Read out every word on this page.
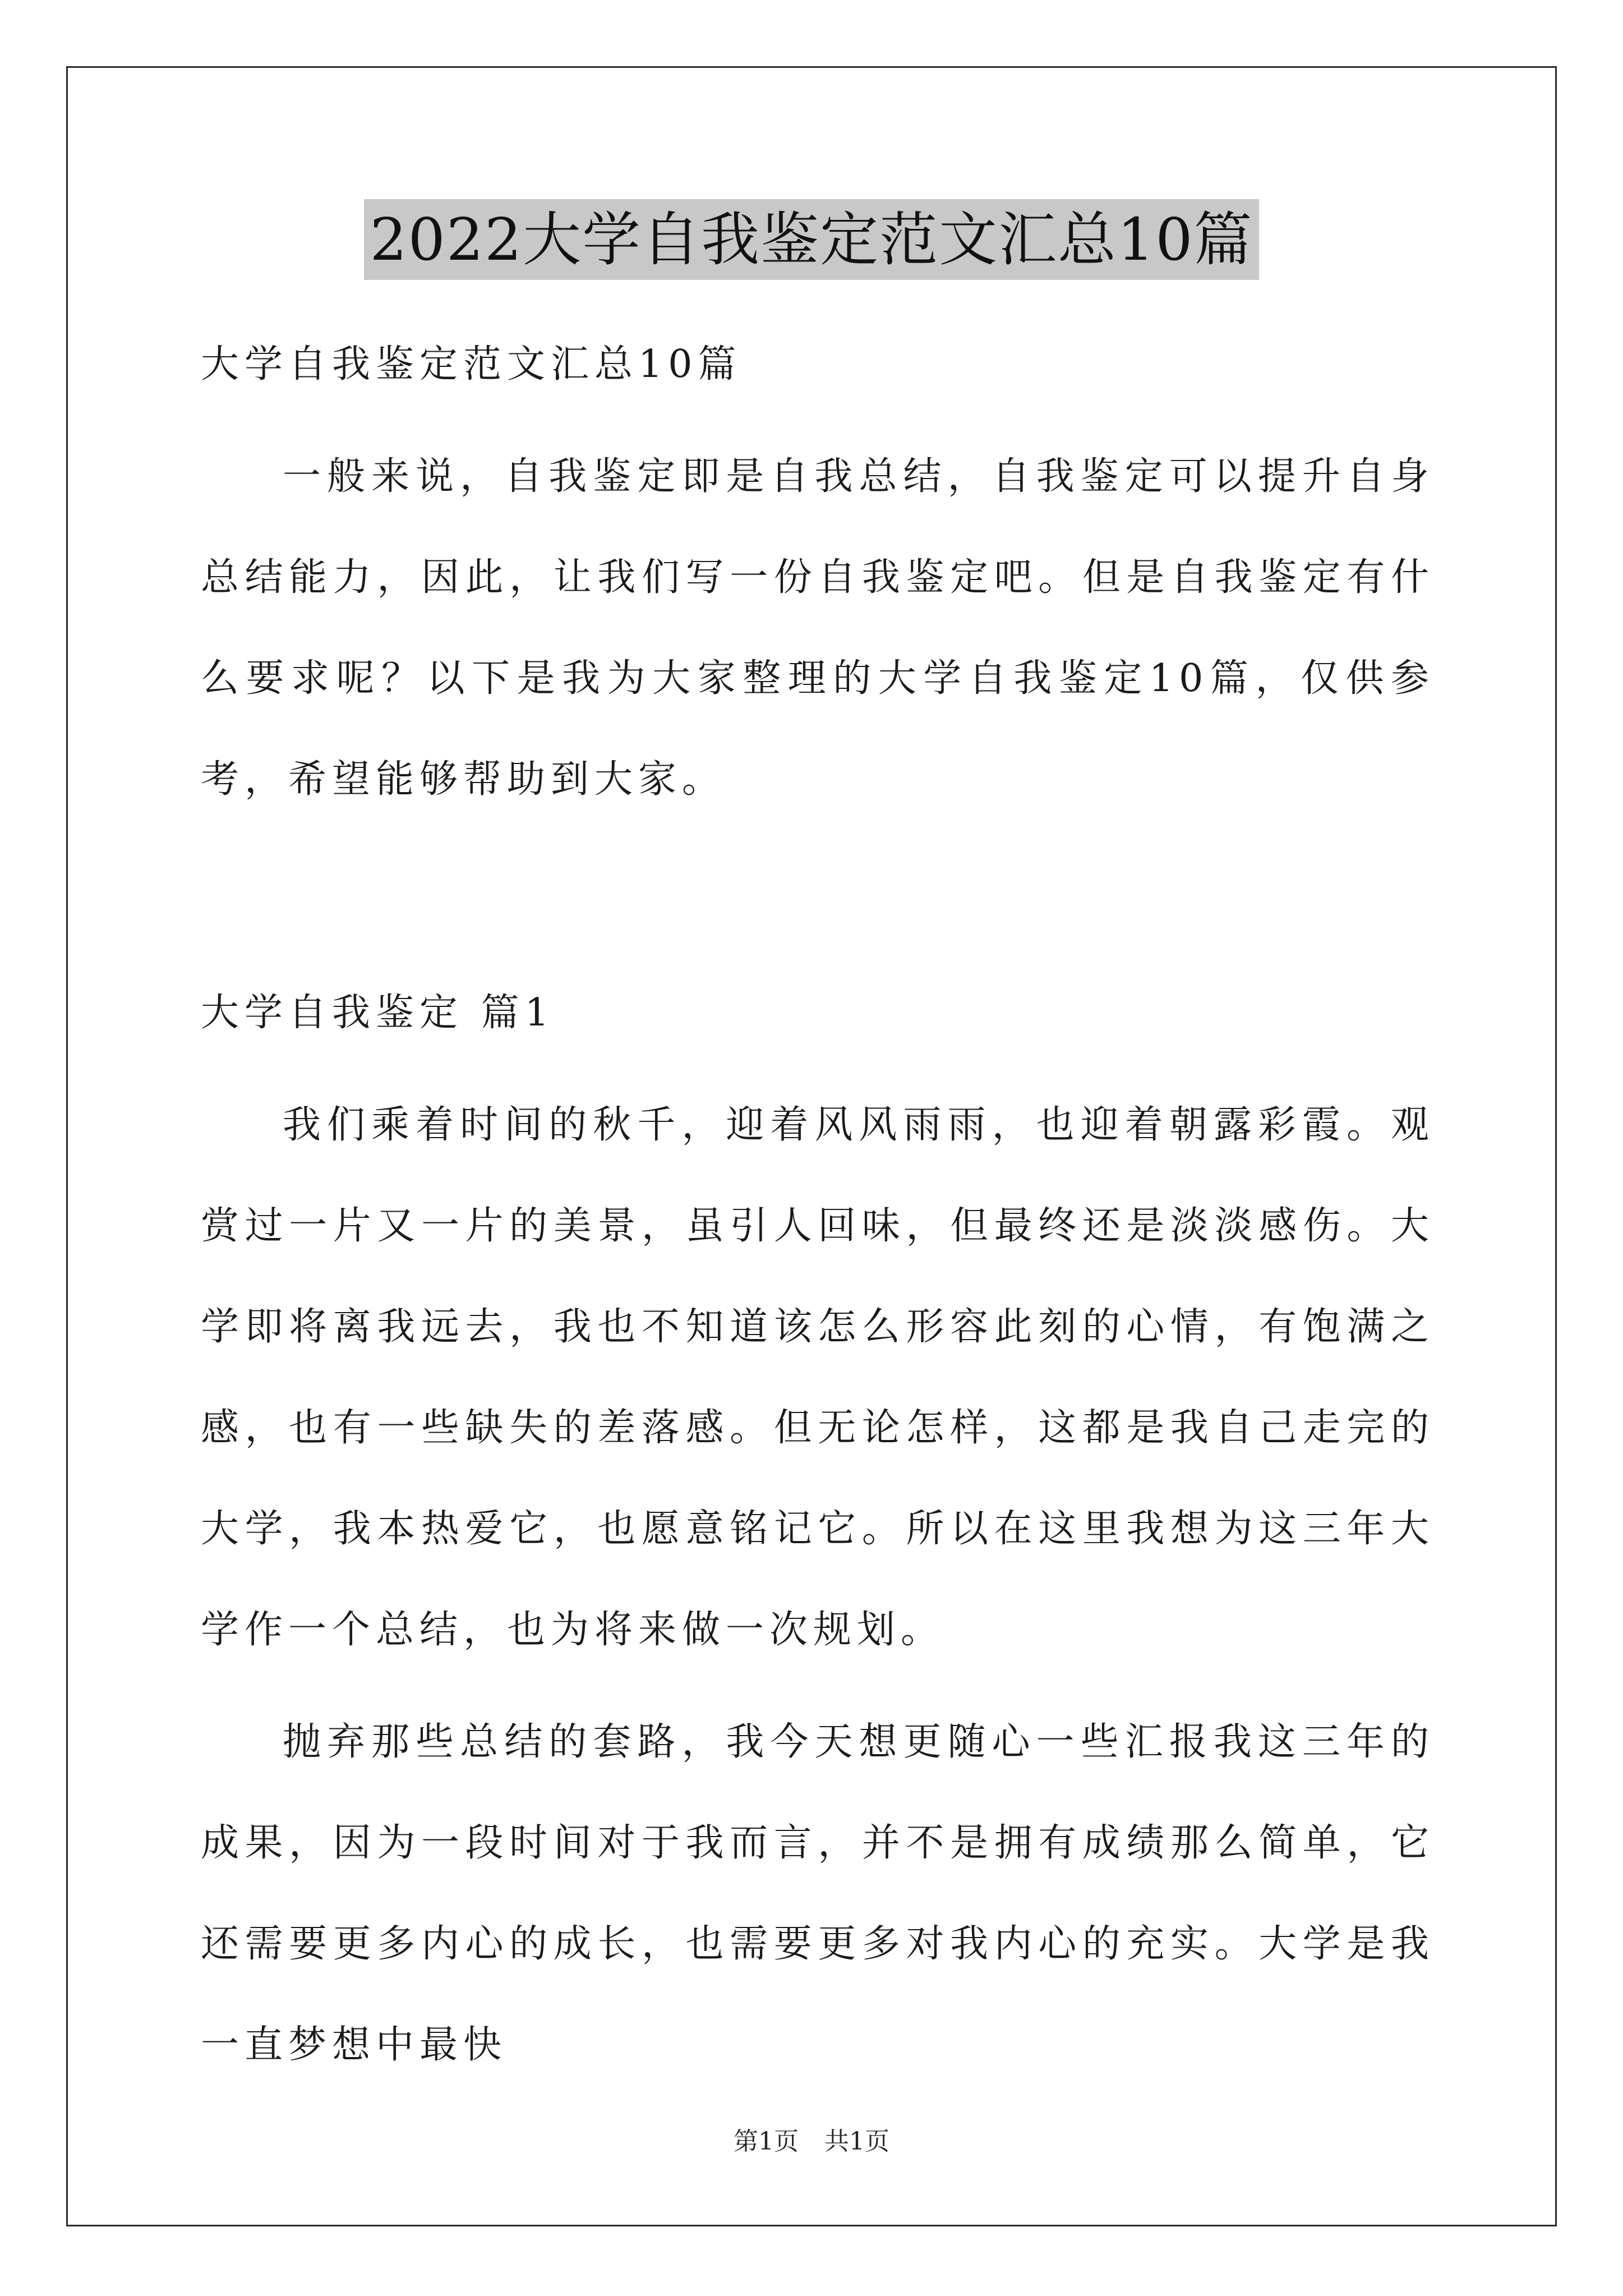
2022大学自我鉴定范文汇总10篇

大学自我鉴定范文汇总10篇

一般来说，自我鉴定即是自我总结，自我鉴定可以提升自身总结能力，因此，让我们写一份自我鉴定吧。但是自我鉴定有什么要求呢？以下是我为大家整理的大学自我鉴定10篇，仅供参考，希望能够帮助到大家。

大学自我鉴定 篇1

我们乘着时间的秋千，迎着风风雨雨，也迎着朝露彩霞。观赏过一片又一片的美景，虽引人回味，但最终还是淡淡感伤。大学即将离我远去，我也不知道该怎么形容此刻的心情，有饱满之感，也有一些缺失的差落感。但无论怎样，这都是我自己走完的大学，我本热爱它，也愿意铭记它。所以在这里我想为这三年大学作一个总结，也为将来做一次规划。

抛弃那些总结的套路，我今天想更随心一些汇报我这三年的成果，因为一段时间对于我而言，并不是拥有成绩那么简单，它还需要更多内心的成长，也需要更多对我内心的充实。大学是我一直梦想中最快

第1页 共1页
